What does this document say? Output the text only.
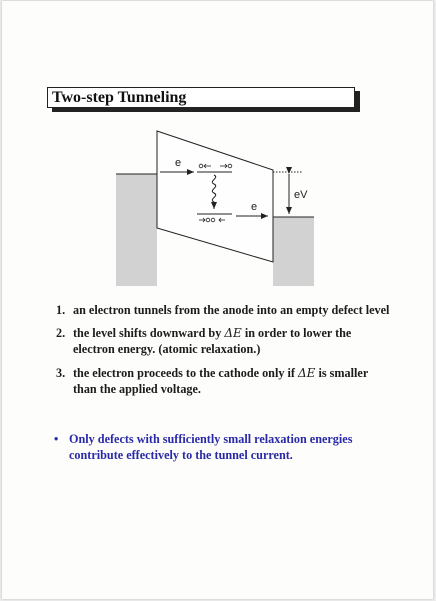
Two-step Tunneling
e
e
eV
1. an electron tunnels from the anode into an empty defect level
2. the level shifts downward by ΔE in order to lower the
electron energy. (atomic relaxation.)
3. the electron proceeds to the cathode only if ΔE is smaller
than the applied voltage.
• Only defects with sufficiently small relaxation energies
contribute effectively to the tunnel current.
